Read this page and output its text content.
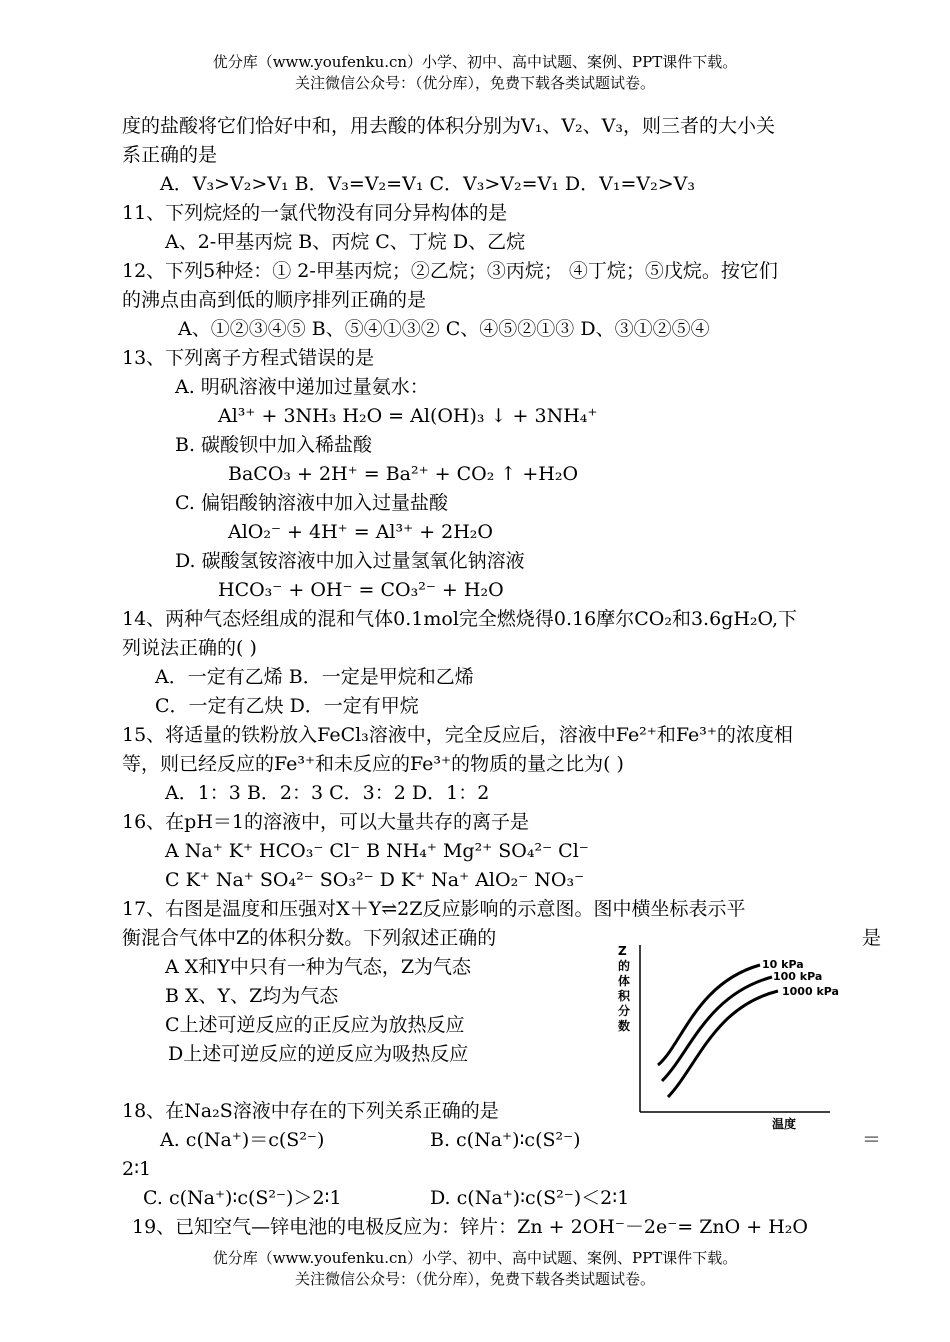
优分库（www.youfenku.cn）小学、初中、高中试题、案例、PPT课件下载。
关注微信公众号：（优分库），免费下载各类试题试卷。
度的盐酸将它们恰好中和，用去酸的体积分别为V₁、V₂、V₃，则三者的大小关
系正确的是
A．V₃>V₂>V₁ B．V₃=V₂=V₁ C．V₃>V₂=V₁ D．V₁=V₂>V₃
11、下列烷烃的一氯代物没有同分异构体的是
A、2-甲基丙烷 B、丙烷 C、丁烷 D、乙烷
12、下列5种烃：① 2-甲基丙烷；②乙烷；③丙烷； ④丁烷；⑤戊烷。按它们
的沸点由高到低的顺序排列正确的是
A、①②③④⑤ B、⑤④①③② C、④⑤②①③ D、③①②⑤④
13、下列离子方程式错误的是
A. 明矾溶液中递加过量氨水：
Al³⁺ + 3NH₃ H₂O = Al(OH)₃ ↓ + 3NH₄⁺
B. 碳酸钡中加入稀盐酸
BaCO₃ + 2H⁺ = Ba²⁺ + CO₂ ↑ +H₂O
C. 偏铝酸钠溶液中加入过量盐酸
AlO₂⁻ + 4H⁺ = Al³⁺ + 2H₂O
D. 碳酸氢铵溶液中加入过量氢氧化钠溶液
HCO₃⁻ + OH⁻ = CO₃²⁻ + H₂O
14、两种气态烃组成的混和气体0.1mol完全燃烧得0.16摩尔CO₂和3.6gH₂O,下
列说法正确的( )
A．一定有乙烯 B．一定是甲烷和乙烯
C．一定有乙炔 D．一定有甲烷
15、将适量的铁粉放入FeCl₃溶液中，完全反应后，溶液中Fe²⁺和Fe³⁺的浓度相
等，则已经反应的Fe³⁺和未反应的Fe³⁺的物质的量之比为( )
A．1：3 B．2：3 C．3：2 D．1：2
16、在pH＝1的溶液中，可以大量共存的离子是
A Na⁺ K⁺ HCO₃⁻ Cl⁻ B NH₄⁺ Mg²⁺ SO₄²⁻ Cl⁻
C K⁺ Na⁺ SO₄²⁻ SO₃²⁻ D K⁺ Na⁺ AlO₂⁻ NO₃⁻
17、右图是温度和压强对X＋Y⇌2Z反应影响的示意图。图中横坐标表示平
衡混合气体中Z的体积分数。下列叙述正确的	是
A X和Y中只有一种为气态，Z为气态
B X、Y、Z均为气态
C上述可逆反应的正反应为放热反应
D上述可逆反应的逆反应为吸热反应
18、在Na₂S溶液中存在的下列关系正确的是
A. c(Na⁺)＝c(S²⁻)	B. c(Na⁺)∶c(S²⁻)	＝
2∶1
C. c(Na⁺)∶c(S²⁻)＞2∶1	D. c(Na⁺)∶c(S²⁻)＜2∶1
19、已知空气—锌电池的电极反应为：锌片：Zn + 2OH⁻－2e⁻= ZnO + H₂O
Z 的体积分数
10 kPa
100 kPa
1000 kPa
温度
优分库（www.youfenku.cn）小学、初中、高中试题、案例、PPT课件下载。
关注微信公众号：（优分库），免费下载各类试题试卷。
